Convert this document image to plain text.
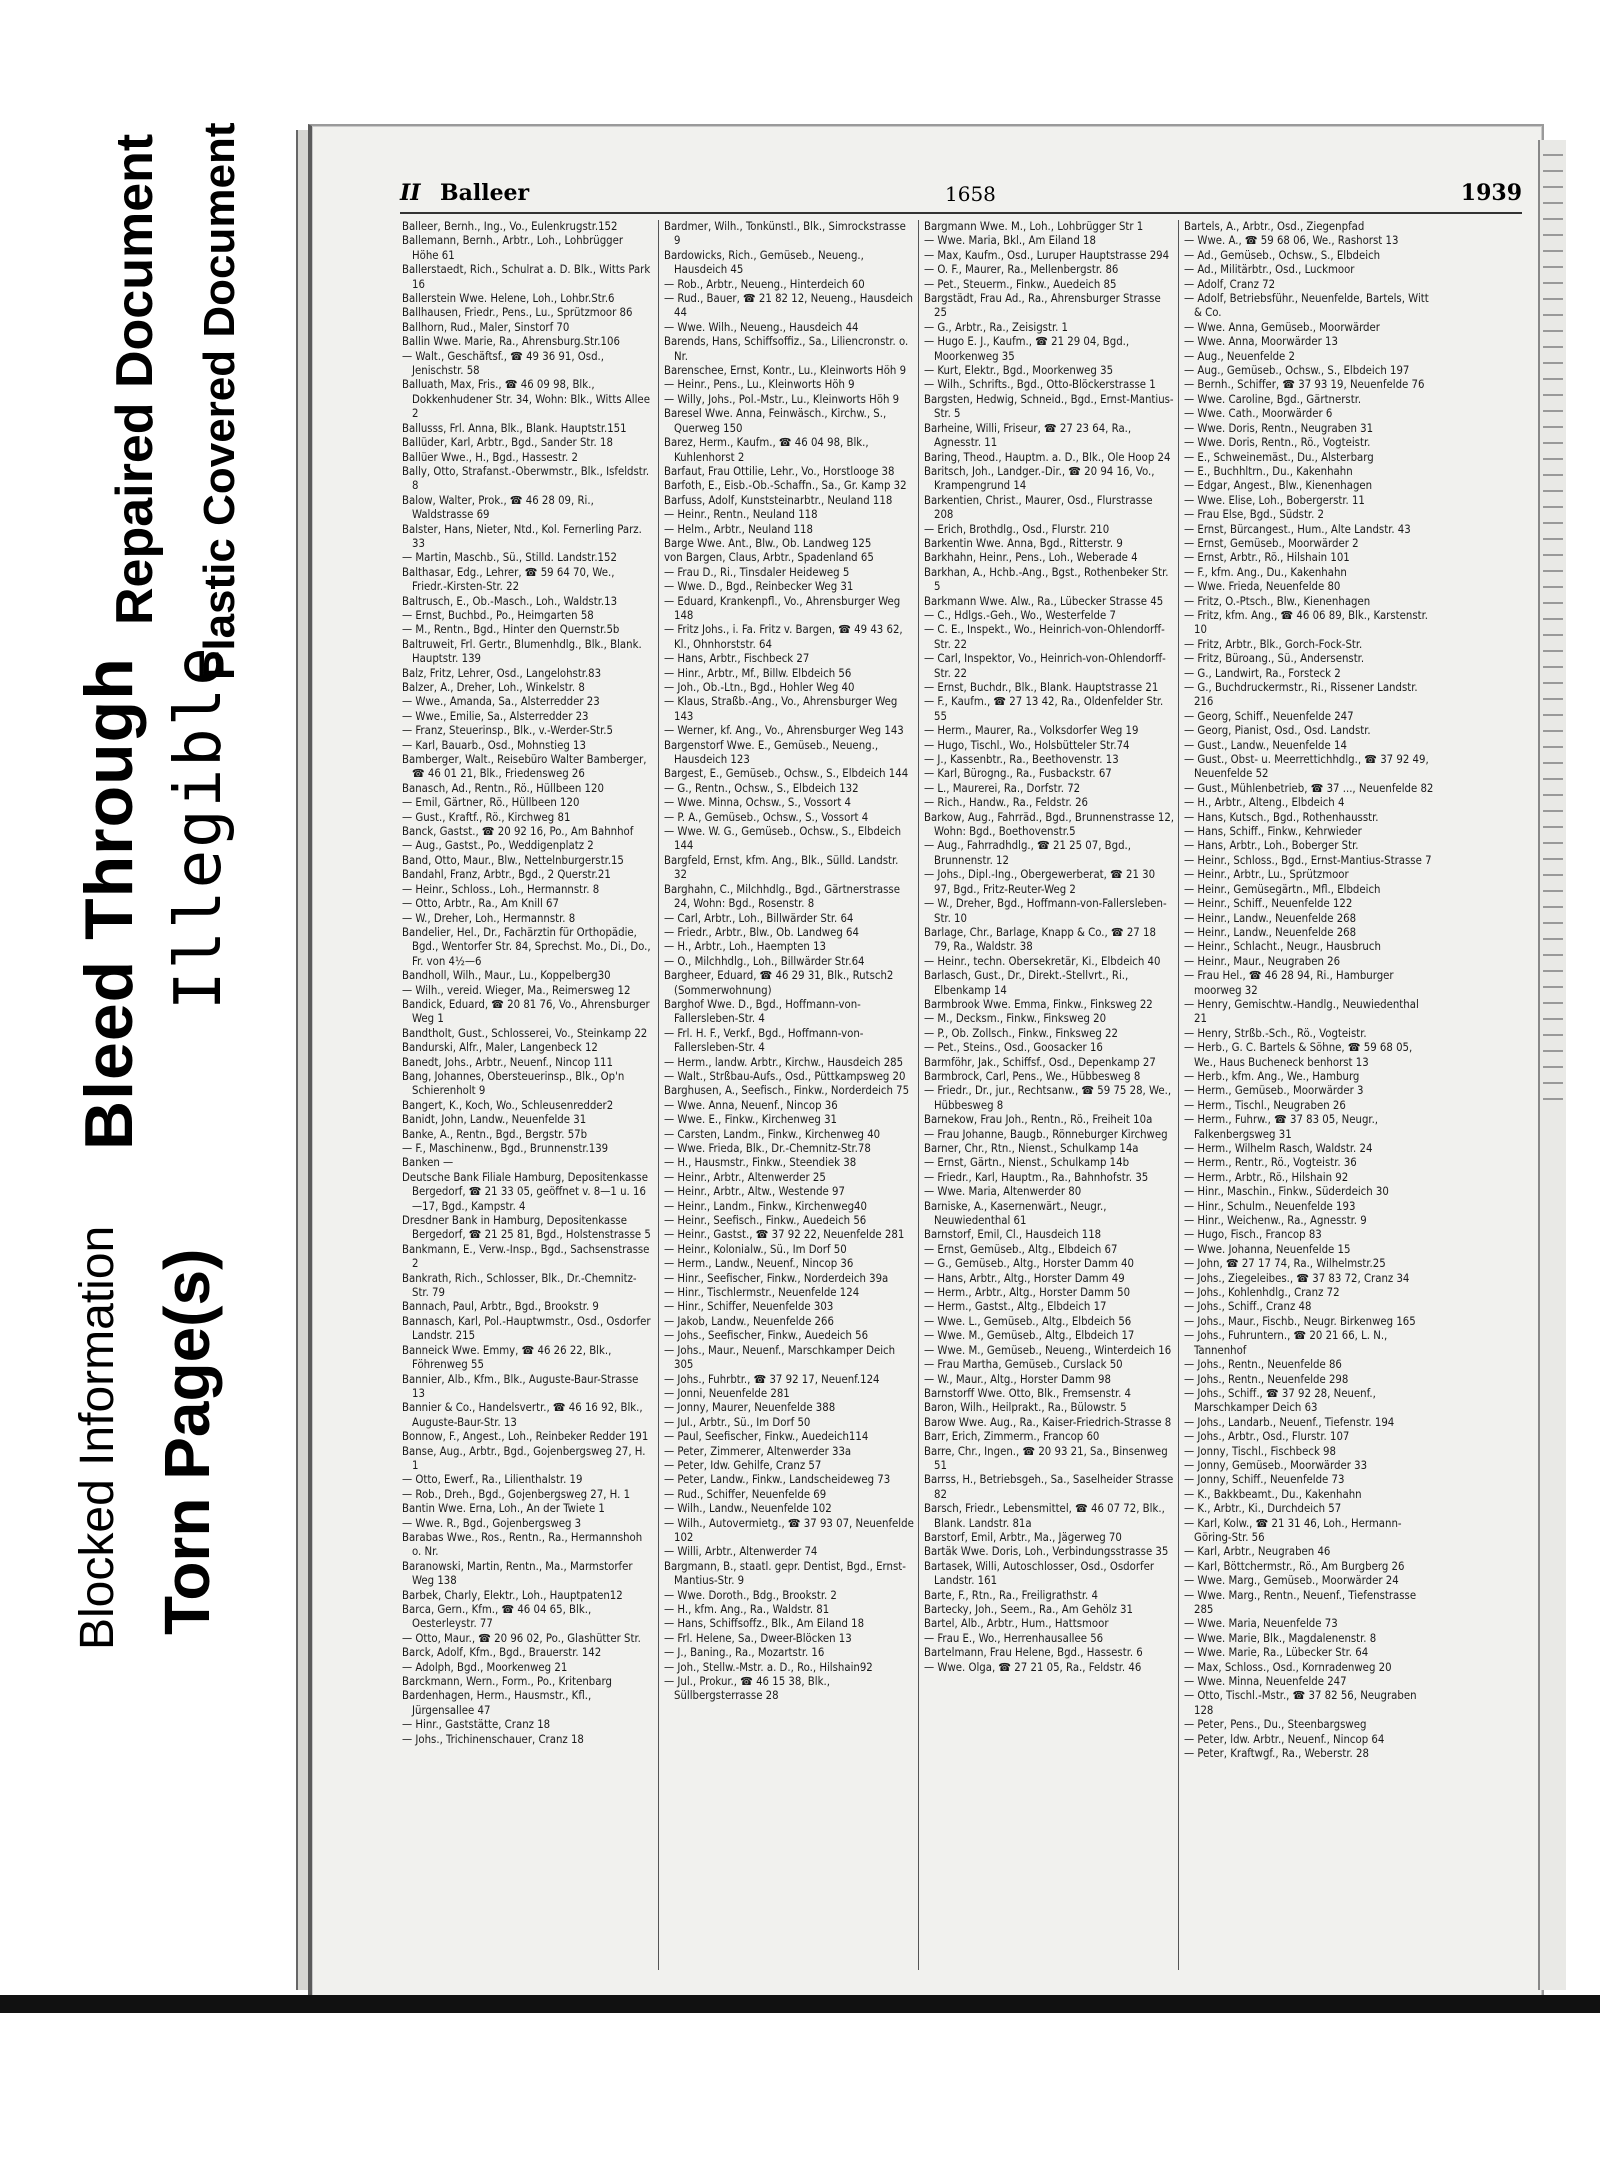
Blocked Information Torn Page(s)
Bleed Through Illegible
Repaired Document Plastic Covered Document	II Balleer	1658	1939
Balleer, Bernh., Ing., Vo., Eulenkrugstr.152
Ballemann, Bernh., Arbtr., Loh., Lohbrügger Höhe 61
Ballerstaedt, Rich., Schulrat a. D. Blk., Witts Park 16
Ballerstein Wwe. Helene, Loh., Lohbr.Str.6
Ballhausen, Friedr., Pens., Lu., Sprützmoor 86
Ballhorn, Rud., Maler, Sinstorf 70
Ballin Wwe. Marie, Ra., Ahrensburg.Str.106
— Walt., Geschäftsf., ☎ 49 36 91, Osd., Jenischstr. 58
Balluath, Max, Fris., ☎ 46 09 98, Blk., Dokkenhudener Str. 34, Wohn: Blk., Witts Allee 2
Ballusss, Frl. Anna, Blk., Blank. Hauptstr.151
Ballüder, Karl, Arbtr., Bgd., Sander Str. 18
Ballüer Wwe., H., Bgd., Hassestr. 2
Bally, Otto, Strafanst.-Oberwmstr., Blk., Isfeldstr. 8
Balow, Walter, Prok., ☎ 46 28 09, Ri., Waldstrasse 69
Balster, Hans, Nieter, Ntd., Kol. Fernerling Parz. 33
— Martin, Maschb., Sü., Stilld. Landstr.152
Balthasar, Edg., Lehrer, ☎ 59 64 70, We., Friedr.-Kirsten-Str. 22
Baltrusch, E., Ob.-Masch., Loh., Waldstr.13
— Ernst, Buchbd., Po., Heimgarten 58
— M., Rentn., Bgd., Hinter den Quernstr.5b
Baltruweit, Frl. Gertr., Blumenhdlg., Blk., Blank. Hauptstr. 139
Balz, Fritz, Lehrer, Osd., Langelohstr.83
Balzer, A., Dreher, Loh., Winkelstr. 8
— Wwe., Amanda, Sa., Alsterredder 23
— Wwe., Emilie, Sa., Alsterredder 23
— Franz, Steuerinsp., Blk., v.-Werder-Str.5
— Karl, Bauarb., Osd., Mohnstieg 13
Bamberger, Walt., Reisebüro Walter Bamberger, ☎ 46 01 21, Blk., Friedensweg 26
Banasch, Ad., Rentn., Rö., Hüllbeen 120
— Emil, Gärtner, Rö., Hüllbeen 120
— Gust., Kraftf., Rö., Kirchweg 81
Banck, Gastst., ☎ 20 92 16, Po., Am Bahnhof
— Aug., Gastst., Po., Weddigenplatz 2
Band, Otto, Maur., Blw., Nettelnburgerstr.15
Bandahl, Franz, Arbtr., Bgd., 2 Querstr.21
— Heinr., Schloss., Loh., Hermannstr. 8
— Otto, Arbtr., Ra., Am Knill 67
— W., Dreher, Loh., Hermannstr. 8
Bandelier, Hel., Dr., Fachärztin für Orthopädie, Bgd., Wentorfer Str. 84, Sprechst. Mo., Di., Do., Fr. von 4½—6
Bandholl, Wilh., Maur., Lu., Koppelberg30
— Wilh., vereid. Wieger, Ma., Reimersweg 12
Bandick, Eduard, ☎ 20 81 76, Vo., Ahrensburger Weg 1
Bandtholt, Gust., Schlosserei, Vo., Steinkamp 22
Bandurski, Alfr., Maler, Langenbeck 12
Banedt, Johs., Arbtr., Neuenf., Nincop 111
Bang, Johannes, Obersteuerinsp., Blk., Op'n Schierenholt 9
Bangert, K., Koch, Wo., Schleusenredder2
Banidt, John, Landw., Neuenfelde 31
Banke, A., Rentn., Bgd., Bergstr. 57b
— F., Maschinenw., Bgd., Brunnenstr.139
Banken —
Deutsche Bank Filiale Hamburg, Depositenkasse Bergedorf, ☎ 21 33 05, geöffnet v. 8—1 u. 16—17, Bgd., Kampstr. 4
Dresdner Bank in Hamburg, Depositenkasse Bergedorf, ☎ 21 25 81, Bgd., Holstenstrasse 5
Bankmann, E., Verw.-Insp., Bgd., Sachsenstrasse 2
Bankrath, Rich., Schlosser, Blk., Dr.-Chemnitz-Str. 79
Bannach, Paul, Arbtr., Bgd., Brookstr. 9
Bannasch, Karl, Pol.-Hauptwmstr., Osd., Osdorfer Landstr. 215
Banneick Wwe. Emmy, ☎ 46 26 22, Blk., Föhrenweg 55
Bannier, Alb., Kfm., Blk., Auguste-Baur-Strasse 13
Bannier & Co., Handelsvertr., ☎ 46 16 92, Blk., Auguste-Baur-Str. 13
Bonnow, F., Angest., Loh., Reinbeker Redder 191
Banse, Aug., Arbtr., Bgd., Gojenbergsweg 27, H. 1
— Otto, Ewerf., Ra., Lilienthalstr. 19
— Rob., Dreh., Bgd., Gojenbergsweg 27, H. 1
Bantin Wwe. Erna, Loh., An der Twiete 1
— Wwe. R., Bgd., Gojenbergsweg 3
Barabas Wwe., Ros., Rentn., Ra., Hermannshoh o. Nr.
Baranowski, Martin, Rentn., Ma., Marmstorfer Weg 138
Barbek, Charly, Elektr., Loh., Hauptpaten12
Barca, Gern., Kfm., ☎ 46 04 65, Blk., Oesterleystr. 77
— Otto, Maur., ☎ 20 96 02, Po., Glashütter Str.
Barck, Adolf, Kfm., Bgd., Brauerstr. 142
— Adolph, Bgd., Moorkenweg 21
Barckmann, Wern., Form., Po., Kritenbarg
Bardenhagen, Herm., Hausmstr., Kfl., Jürgensallee 47
— Hinr., Gaststätte, Cranz 18
— Johs., Trichinenschauer, Cranz 18
Bardmer, Wilh., Tonkünstl., Blk., Simrockstrasse 9
Bardowicks, Rich., Gemüseb., Neueng., Hausdeich 45
— Rob., Arbtr., Neueng., Hinterdeich 60
— Rud., Bauer, ☎ 21 82 12, Neueng., Hausdeich 44
— Wwe. Wilh., Neueng., Hausdeich 44
Barends, Hans, Schiffsoffiz., Sa., Liliencronstr. o. Nr.
Barenschee, Ernst, Kontr., Lu., Kleinworts Höh 9
— Heinr., Pens., Lu., Kleinworts Höh 9
— Willy, Johs., Pol.-Mstr., Lu., Kleinworts Höh 9
Baresel Wwe. Anna, Feinwäsch., Kirchw., S., Querweg 150
Barez, Herm., Kaufm., ☎ 46 04 98, Blk., Kuhlenhorst 2
Barfaut, Frau Ottilie, Lehr., Vo., Horstlooge 38
Barfoth, E., Eisb.-Ob.-Schaffn., Sa., Gr. Kamp 32
Barfuss, Adolf, Kunststeinarbtr., Neuland 118
— Heinr., Rentn., Neuland 118
— Helm., Arbtr., Neuland 118
Barge Wwe. Ant., Blw., Ob. Landweg 125
von Bargen, Claus, Arbtr., Spadenland 65
— Frau D., Ri., Tinsdaler Heideweg 5
— Wwe. D., Bgd., Reinbecker Weg 31
— Eduard, Krankenpfl., Vo., Ahrensburger Weg 148
— Fritz Johs., i. Fa. Fritz v. Bargen, ☎ 49 43 62, Kl., Ohnhorststr. 64
— Hans, Arbtr., Fischbeck 27
— Hinr., Arbtr., Mf., Billw. Elbdeich 56
— Joh., Ob.-Ltn., Bgd., Hohler Weg 40
— Klaus, Straßb.-Ang., Vo., Ahrensburger Weg 143
— Werner, kf. Ang., Vo., Ahrensburger Weg 143
Bargenstorf Wwe. E., Gemüseb., Neueng., Hausdeich 123
Bargest, E., Gemüseb., Ochsw., S., Elbdeich 144
— G., Rentn., Ochsw., S., Elbdeich 132
— Wwe. Minna, Ochsw., S., Vossort 4
— P. A., Gemüseb., Ochsw., S., Vossort 4
— Wwe. W. G., Gemüseb., Ochsw., S., Elbdeich 144
Bargfeld, Ernst, kfm. Ang., Blk., Sülld. Landstr. 32
Barghahn, C., Milchhdlg., Bgd., Gärtnerstrasse 24, Wohn: Bgd., Rosenstr. 8
— Carl, Arbtr., Loh., Billwärder Str. 64
— Friedr., Arbtr., Blw., Ob. Landweg 64
— H., Arbtr., Loh., Haempten 13
— O., Milchhdlg., Loh., Billwärder Str.64
Bargheer, Eduard, ☎ 46 29 31, Blk., Rutsch2 (Sommerwohnung)
Barghof Wwe. D., Bgd., Hoffmann-von-Fallersleben-Str. 4
— Frl. H. F., Verkf., Bgd., Hoffmann-von-Fallersleben-Str. 4
— Herm., landw. Arbtr., Kirchw., Hausdeich 285
— Walt., Strßbau-Aufs., Osd., Püttkampsweg 20
Barghusen, A., Seefisch., Finkw., Norderdeich 75
— Wwe. Anna, Neuenf., Nincop 36
— Wwe. E., Finkw., Kirchenweg 31
— Carsten, Landm., Finkw., Kirchenweg 40
— Wwe. Frieda, Blk., Dr.-Chemnitz-Str.78
— H., Hausmstr., Finkw., Steendiek 38
— Heinr., Arbtr., Altenwerder 25
— Heinr., Arbtr., Altw., Westende 97
— Heinr., Landm., Finkw., Kirchenweg40
— Heinr., Seefisch., Finkw., Auedeich 56
— Heinr., Gastst., ☎ 37 92 22, Neuenfelde 281
— Heinr., Kolonialw., Sü., Im Dorf 50
— Herm., Landw., Neuenf., Nincop 36
— Hinr., Seefischer, Finkw., Norderdeich 39a
— Hinr., Tischlermstr., Neuenfelde 124
— Hinr., Schiffer, Neuenfelde 303
— Jakob, Landw., Neuenfelde 266
— Johs., Seefischer, Finkw., Auedeich 56
— Johs., Maur., Neuenf., Marschkamper Deich 305
— Johs., Fuhrbtr., ☎ 37 92 17, Neuenf.124
— Jonni, Neuenfelde 281
— Jonny, Maurer, Neuenfelde 388
— Jul., Arbtr., Sü., Im Dorf 50
— Paul, Seefischer, Finkw., Auedeich114
— Peter, Zimmerer, Altenwerder 33a
— Peter, Idw. Gehilfe, Cranz 57
— Peter, Landw., Finkw., Landscheideweg 73
— Rud., Schiffer, Neuenfelde 69
— Wilh., Landw., Neuenfelde 102
— Wilh., Autovermietg., ☎ 37 93 07, Neuenfelde 102
— Willi, Arbtr., Altenwerder 74
Bargmann, B., staatl. gepr. Dentist, Bgd., Ernst-Mantius-Str. 9
— Wwe. Doroth., Bdg., Brookstr. 2
— H., kfm. Ang., Ra., Waldstr. 81
— Hans, Schiffsoffz., Blk., Am Eiland 18
— Frl. Helene, Sa., Dweer-Blöcken 13
— J., Baning., Ra., Mozartstr. 16
— Joh., Stellw.-Mstr. a. D., Ro., Hilshain92
— Jul., Prokur., ☎ 46 15 38, Blk., Süllbergsterrasse 28
Bargmann Wwe. M., Loh., Lohbrügger Str 1
— Wwe. Maria, Bkl., Am Eiland 18
— Max, Kaufm., Osd., Luruper Hauptstrasse 294
— O. F., Maurer, Ra., Mellenbergstr. 86
— Pet., Steuerm., Finkw., Auedeich 85
Bargstädt, Frau Ad., Ra., Ahrensburger Strasse 25
— G., Arbtr., Ra., Zeisigstr. 1
— Hugo E. J., Kaufm., ☎ 21 29 04, Bgd., Moorkenweg 35
— Kurt, Elektr., Bgd., Moorkenweg 35
— Wilh., Schrifts., Bgd., Otto-Blöckerstrasse 1
Bargsten, Hedwig, Schneid., Bgd., Ernst-Mantius-Str. 5
Barheine, Willi, Friseur, ☎ 27 23 64, Ra., Agnesstr. 11
Baring, Theod., Hauptm. a. D., Blk., Ole Hoop 24
Baritsch, Joh., Landger.-Dir., ☎ 20 94 16, Vo., Krampengrund 14
Barkentien, Christ., Maurer, Osd., Flurstrasse 208
— Erich, Brothdlg., Osd., Flurstr. 210
Barkentin Wwe. Anna, Bgd., Ritterstr. 9
Barkhahn, Heinr., Pens., Loh., Weberade 4
Barkhan, A., Hchb.-Ang., Bgst., Rothenbeker Str. 5
Barkmann Wwe. Alw., Ra., Lübecker Strasse 45
— C., Hdlgs.-Geh., Wo., Westerfelde 7
— C. E., Inspekt., Wo., Heinrich-von-Ohlendorff-Str. 22
— Carl, Inspektor, Vo., Heinrich-von-Ohlendorff-Str. 22
— Ernst, Buchdr., Blk., Blank. Hauptstrasse 21
— F., Kaufm., ☎ 27 13 42, Ra., Oldenfelder Str. 55
— Herm., Maurer, Ra., Volksdorfer Weg 19
— Hugo, Tischl., Wo., Holsbütteler Str.74
— J., Kassenbtr., Ra., Beethovenstr. 13
— Karl, Bürogng., Ra., Fusbackstr. 67
— L., Maurerei, Ra., Dorfstr. 72
— Rich., Handw., Ra., Feldstr. 26
Barkow, Aug., Fahrräd., Bgd., Brunnenstrasse 12, Wohn: Bgd., Boethovenstr.5
— Aug., Fahrradhdlg., ☎ 21 25 07, Bgd., Brunnenstr. 12
— Johs., Dipl.-Ing., Obergewerberat, ☎ 21 30 97, Bgd., Fritz-Reuter-Weg 2
— W., Dreher, Bgd., Hoffmann-von-Fallersleben-Str. 10
Barlage, Chr., Barlage, Knapp & Co., ☎ 27 18 79, Ra., Waldstr. 38
— Heinr., techn. Obersekretär, Ki., Elbdeich 40
Barlasch, Gust., Dr., Direkt.-Stellvrt., Ri., Elbenkamp 14
Barmbrook Wwe. Emma, Finkw., Finksweg 22
— M., Decksm., Finkw., Finksweg 20
— P., Ob. Zollsch., Finkw., Finksweg 22
— Pet., Steins., Osd., Goosacker 16
Barmföhr, Jak., Schiffsf., Osd., Depenkamp 27
Barmbrock, Carl, Pens., We., Hübbesweg 8
— Friedr., Dr., jur., Rechtsanw., ☎ 59 75 28, We., Hübbesweg 8
Barnekow, Frau Joh., Rentn., Rö., Freiheit 10a
— Frau Johanne, Baugb., Rönneburger Kirchweg
Barner, Chr., Rtn., Nienst., Schulkamp 14a
— Ernst, Gärtn., Nienst., Schulkamp 14b
— Friedr., Karl, Hauptm., Ra., Bahnhofstr. 35
— Wwe. Maria, Altenwerder 80
Barniske, A., Kasernenwärt., Neugr., Neuwiedenthal 61
Barnstorf, Emil, Cl., Hausdeich 118
— Ernst, Gemüseb., Altg., Elbdeich 67
— G., Gemüseb., Altg., Horster Damm 40
— Hans, Arbtr., Altg., Horster Damm 49
— Herm., Arbtr., Altg., Horster Damm 50
— Herm., Gastst., Altg., Elbdeich 17
— Wwe. L., Gemüseb., Altg., Elbdeich 56
— Wwe. M., Gemüseb., Altg., Elbdeich 17
— Wwe. M., Gemüseb., Neueng., Winterdeich 16
— Frau Martha, Gemüseb., Curslack 50
— W., Maur., Altg., Horster Damm 98
Barnstorff Wwe. Otto, Blk., Fremsenstr. 4
Baron, Wilh., Heilprakt., Ra., Bülowstr. 5
Barow Wwe. Aug., Ra., Kaiser-Friedrich-Strasse 8
Barr, Erich, Zimmerm., Francop 60
Barre, Chr., Ingen., ☎ 20 93 21, Sa., Binsenweg 51
Barrss, H., Betriebsgeh., Sa., Saselheider Strasse 82
Barsch, Friedr., Lebensmittel, ☎ 46 07 72, Blk., Blank. Landstr. 81a
Barstorf, Emil, Arbtr., Ma., Jägerweg 70
Bartäk Wwe. Doris, Loh., Verbindungsstrasse 35
Bartasek, Willi, Autoschlosser, Osd., Osdorfer Landstr. 161
Barte, F., Rtn., Ra., Freiligrathstr. 4
Bartecky, Joh., Seem., Ra., Am Gehölz 31
Bartel, Alb., Arbtr., Hum., Hattsmoor
— Frau E., Wo., Herrenhausallee 56
Bartelmann, Frau Helene, Bgd., Hassestr. 6
— Wwe. Olga, ☎ 27 21 05, Ra., Feldstr. 46
Bartels, A., Arbtr., Osd., Ziegenpfad
— Wwe. A., ☎ 59 68 06, We., Rashorst 13
— Ad., Gemüseb., Ochsw., S., Elbdeich
— Ad., Militärbtr., Osd., Luckmoor
— Adolf, Cranz 72
— Adolf, Betriebsführ., Neuenfelde, Bartels, Witt & Co.
— Wwe. Anna, Gemüseb., Moorwärder
— Wwe. Anna, Moorwärder 13
— Aug., Neuenfelde 2
— Aug., Gemüseb., Ochsw., S., Elbdeich 197
— Bernh., Schiffer, ☎ 37 93 19, Neuenfelde 76
— Wwe. Caroline, Bgd., Gärtnerstr.
— Wwe. Cath., Moorwärder 6
— Wwe. Doris, Rentn., Neugraben 31
— Wwe. Doris, Rentn., Rö., Vogteistr.
— E., Schweinemäst., Du., Alsterbarg
— E., Buchhltrn., Du., Kakenhahn
— Edgar, Angest., Blw., Kienenhagen
— Wwe. Elise, Loh., Bobergerstr. 11
— Frau Else, Bgd., Südstr. 2
— Ernst, Bürcangest., Hum., Alte Landstr. 43
— Ernst, Gemüseb., Moorwärder 2
— Ernst, Arbtr., Rö., Hilshain 101
— F., kfm. Ang., Du., Kakenhahn
— Wwe. Frieda, Neuenfelde 80
— Fritz, O.-Ptsch., Blw., Kienenhagen
— Fritz, kfm. Ang., ☎ 46 06 89, Blk., Karstenstr. 10
— Fritz, Arbtr., Blk., Gorch-Fock-Str.
— Fritz, Büroang., Sü., Andersenstr.
— G., Landwirt, Ra., Forsteck 2
— G., Buchdruckermstr., Ri., Rissener Landstr. 216
— Georg, Schiff., Neuenfelde 247
— Georg, Pianist, Osd., Osd. Landstr.
— Gust., Landw., Neuenfelde 14
— Gust., Obst- u. Meerrettichhdlg., ☎ 37 92 49, Neuenfelde 52
— Gust., Mühlenbetrieb, ☎ 37 ..., Neuenfelde 82
— H., Arbtr., Alteng., Elbdeich 4
— Hans, Kutsch., Bgd., Rothenhausstr.
— Hans, Schiff., Finkw., Kehrwieder
— Hans, Arbtr., Loh., Boberger Str.
— Heinr., Schloss., Bgd., Ernst-Mantius-Strasse 7
— Heinr., Arbtr., Lu., Sprützmoor
— Heinr., Gemüsegärtn., Mfl., Elbdeich
— Heinr., Schiff., Neuenfelde 122
— Heinr., Landw., Neuenfelde 268
— Heinr., Landw., Neuenfelde 268
— Heinr., Schlacht., Neugr., Hausbruch
— Heinr., Maur., Neugraben 26
— Frau Hel., ☎ 46 28 94, Ri., Hamburger moorweg 32
— Henry, Gemischtw.-Handlg., Neuwiedenthal 21
— Henry, Strßb.-Sch., Rö., Vogteistr.
— Herb., G. C. Bartels & Söhne, ☎ 59 68 05, We., Haus Bucheneck benhorst 13
— Herb., kfm. Ang., We., Hamburg
— Herm., Gemüseb., Moorwärder 3
— Herm., Tischl., Neugraben 26
— Herm., Fuhrw., ☎ 37 83 05, Neugr., Falkenbergsweg 31
— Herm., Wilhelm Rasch, Waldstr. 24
— Herm., Rentr., Rö., Vogteistr. 36
— Herm., Arbtr., Rö., Hilshain 92
— Hinr., Maschin., Finkw., Süderdeich 30
— Hinr., Schulm., Neuenfelde 193
— Hinr., Weichenw., Ra., Agnesstr. 9
— Hugo, Fisch., Francop 83
— Wwe. Johanna, Neuenfelde 15
— John, ☎ 27 17 74, Ra., Wilhelmstr.25
— Johs., Ziegeleibes., ☎ 37 83 72, Cranz 34
— Johs., Kohlenhdlg., Cranz 72
— Johs., Schiff., Cranz 48
— Johs., Maur., Fischb., Neugr. Birkenweg 165
— Johs., Fuhruntern., ☎ 20 21 66, L. N., Tannenhof
— Johs., Rentn., Neuenfelde 86
— Johs., Rentn., Neuenfelde 298
— Johs., Schiff., ☎ 37 92 28, Neuenf., Marschkamper Deich 63
— Johs., Landarb., Neuenf., Tiefenstr. 194
— Johs., Arbtr., Osd., Flurstr. 107
— Jonny, Tischl., Fischbeck 98
— Jonny, Gemüseb., Moorwärder 33
— Jonny, Schiff., Neuenfelde 73
— K., Bakkbeamt., Du., Kakenhahn
— K., Arbtr., Ki., Durchdeich 57
— Karl, Kolw., ☎ 21 31 46, Loh., Hermann-Göring-Str. 56
— Karl, Arbtr., Neugraben 46
— Karl, Böttchermstr., Rö., Am Burgberg 26
— Wwe. Marg., Gemüseb., Moorwärder 24
— Wwe. Marg., Rentn., Neuenf., Tiefenstrasse 285
— Wwe. Maria, Neuenfelde 73
— Wwe. Marie, Blk., Magdalenenstr. 8
— Wwe. Marie, Ra., Lübecker Str. 64
— Max, Schloss., Osd., Kornradenweg 20
— Wwe. Minna, Neuenfelde 247
— Otto, Tischl.-Mstr., ☎ 37 82 56, Neugraben 128
— Peter, Pens., Du., Steenbargsweg
— Peter, ldw. Arbtr., Neuenf., Nincop 64
— Peter, Kraftwgf., Ra., Weberstr. 28
